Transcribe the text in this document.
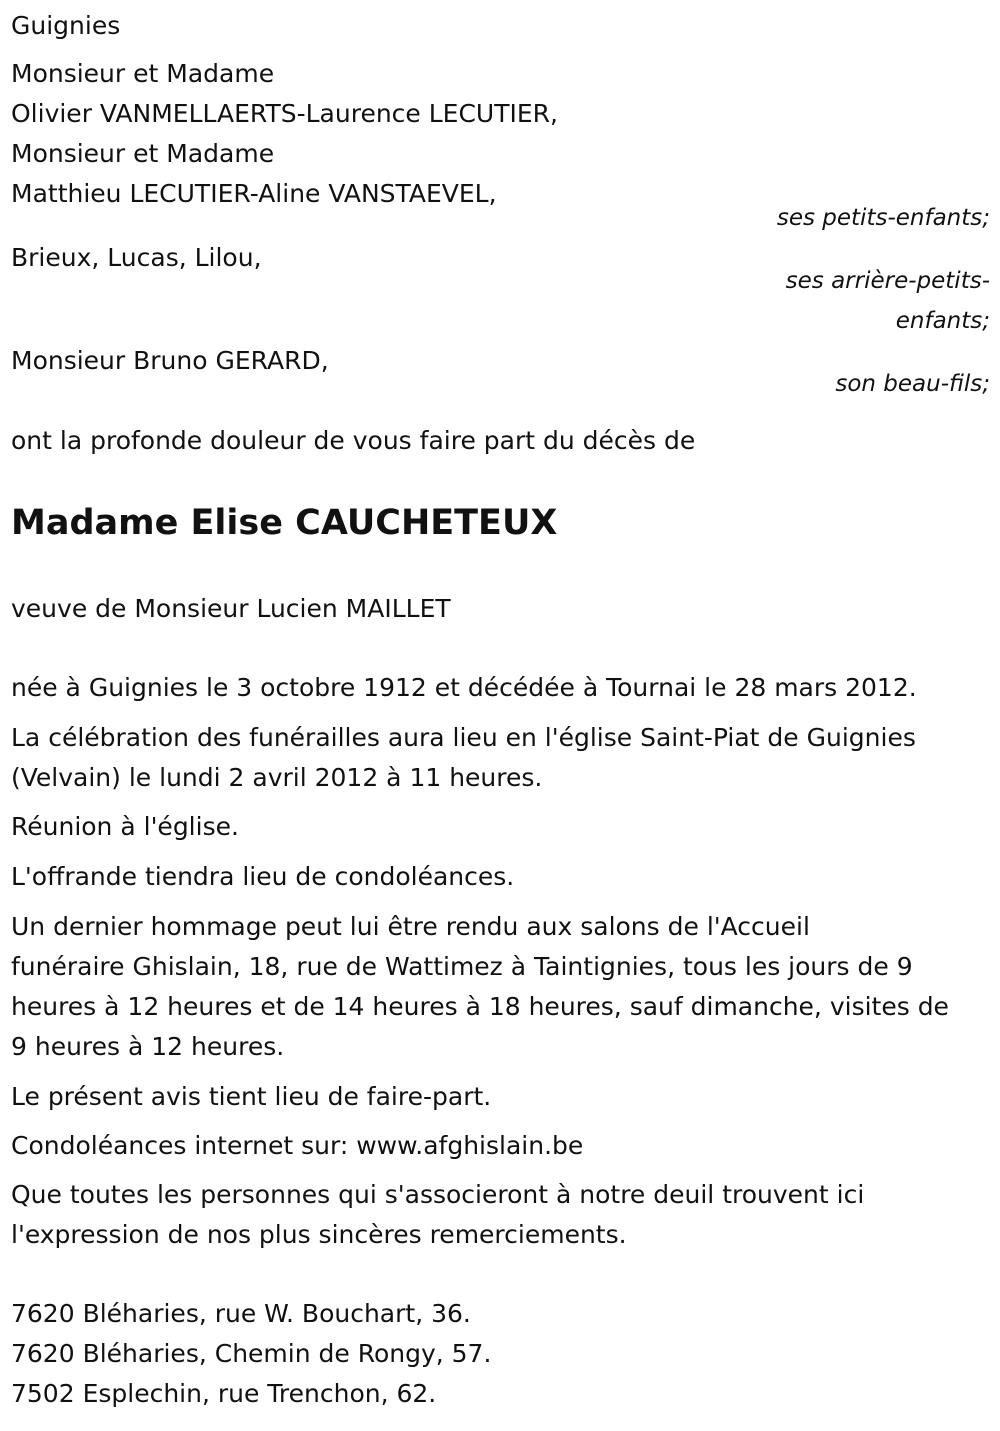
Guignies
Monsieur et Madame
Olivier VANMELLAERTS-Laurence LECUTIER,
Monsieur et Madame
Matthieu LECUTIER-Aline VANSTAEVEL,
ses petits-enfants;
Brieux, Lucas, Lilou,
ses arrière-petits-
enfants;
Monsieur Bruno GERARD,
son beau-fils;
ont la profonde douleur de vous faire part du décès de
Madame Elise CAUCHETEUX
veuve de Monsieur Lucien MAILLET
née à Guignies le 3 octobre 1912 et décédée à Tournai le 28 mars 2012.
La célébration des funérailles aura lieu en l'église Saint-Piat de Guignies
(Velvain) le lundi 2 avril 2012 à 11 heures.
Réunion à l'église.
L'offrande tiendra lieu de condoléances.
Un dernier hommage peut lui être rendu aux salons de l'Accueil
funéraire Ghislain, 18, rue de Wattimez à Taintignies, tous les jours de 9
heures à 12 heures et de 14 heures à 18 heures, sauf dimanche, visites de
9 heures à 12 heures.
Le présent avis tient lieu de faire-part.
Condoléances internet sur: www.afghislain.be
Que toutes les personnes qui s'associeront à notre deuil trouvent ici
l'expression de nos plus sincères remerciements.
7620 Bléharies, rue W. Bouchart, 36.
7620 Bléharies, Chemin de Rongy, 57.
7502 Esplechin, rue Trenchon, 62.
